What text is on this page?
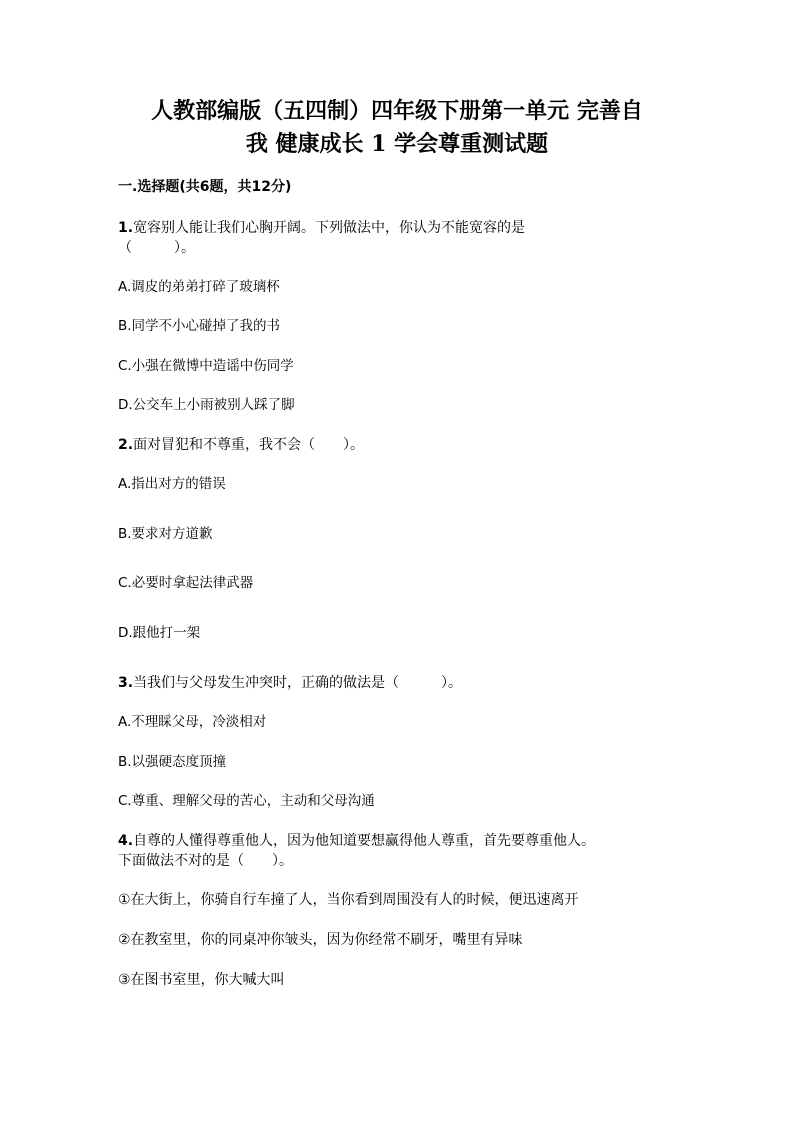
人教部编版（五四制）四年级下册第一单元 完善自
我 健康成长 1 学会尊重测试题
一.选择题(共6题，共12分)
1.宽容别人能让我们心胸开阔。下列做法中，你认为不能宽容的是
（　　　）。
A.调皮的弟弟打碎了玻璃杯
B.同学不小心碰掉了我的书
C.小强在微博中造谣中伤同学
D.公交车上小雨被别人踩了脚
2.面对冒犯和不尊重，我不会（　　）。
A.指出对方的错误
B.要求对方道歉
C.必要时拿起法律武器
D.跟他打一架
3.当我们与父母发生冲突时，正确的做法是（　　　）。
A.不理睬父母，冷淡相对
B.以强硬态度顶撞
C.尊重、理解父母的苦心，主动和父母沟通
4.自尊的人懂得尊重他人，因为他知道要想赢得他人尊重，首先要尊重他人。
下面做法不对的是（　　）。
①在大街上，你骑自行车撞了人，当你看到周围没有人的时候，便迅速离开
②在教室里，你的同桌冲你皱头，因为你经常不刷牙，嘴里有异味
③在图书室里，你大喊大叫
